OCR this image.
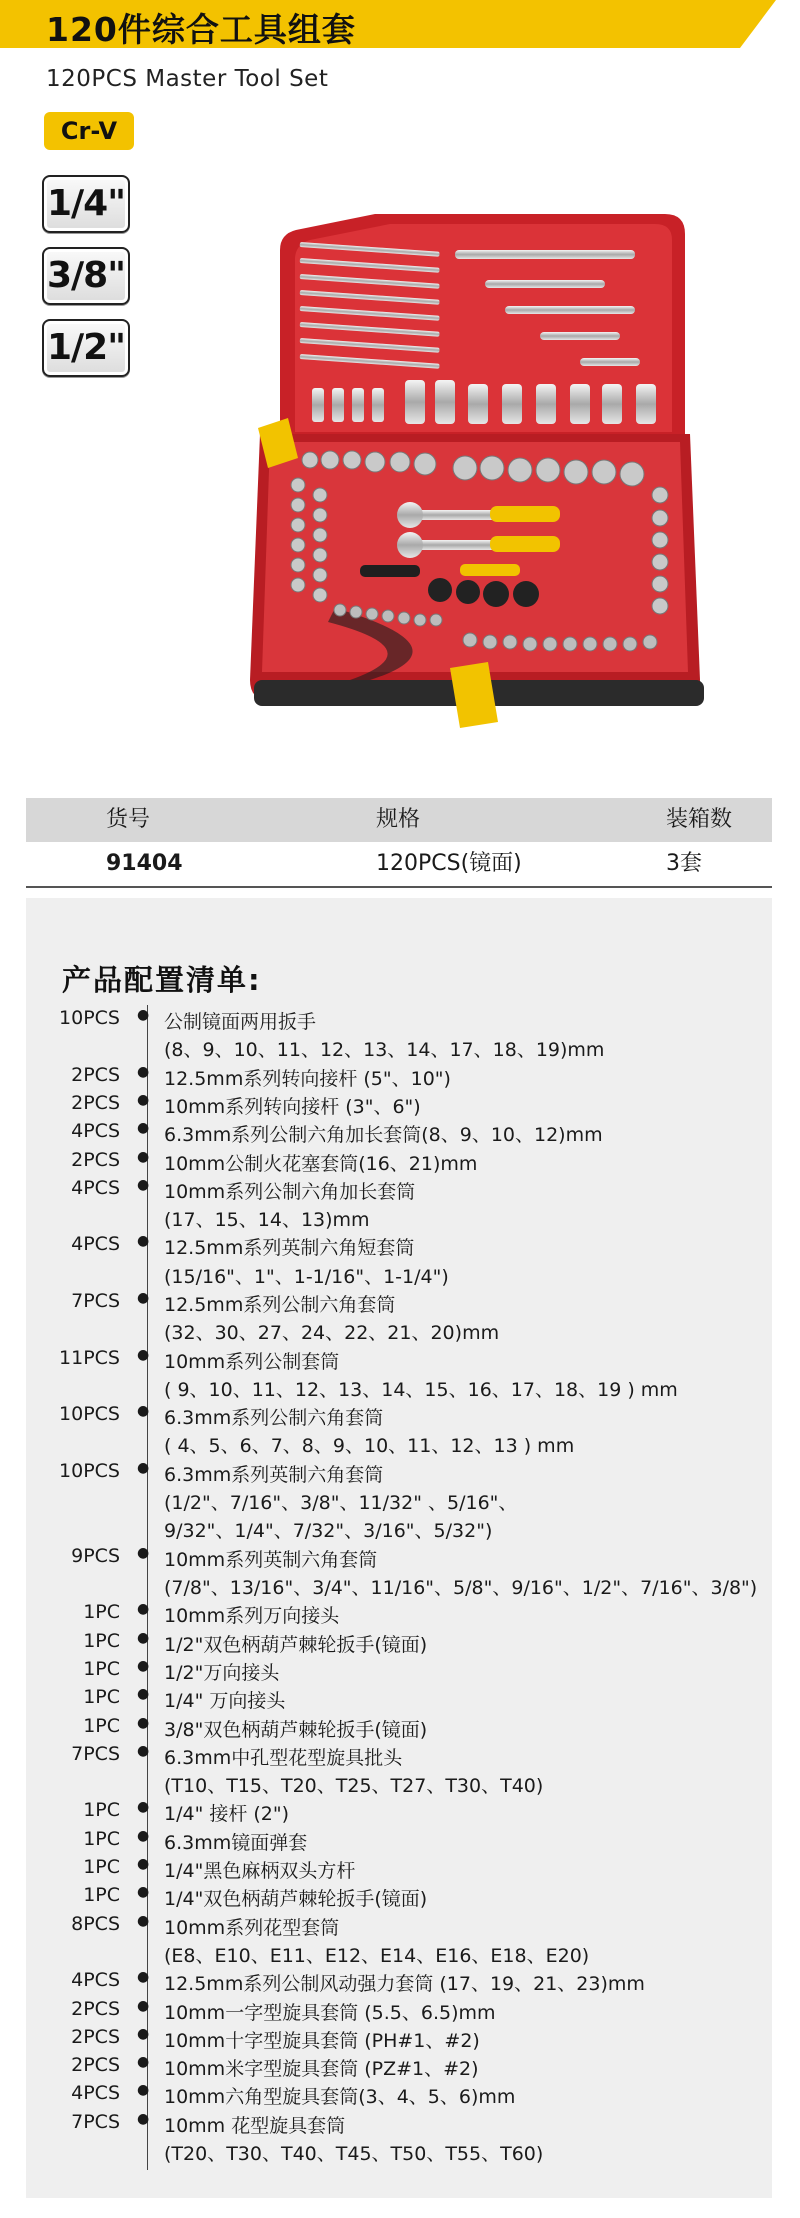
120件综合工具组套
120PCS Master Tool Set
Cr-V
1/4"
3/8"
1/2"
货号	规格	装箱数
91404	120PCS(镜面)	3套
产品配置清单:
10PCS ● 公制镜面两用扳手
(8、9、10、11、12、13、14、17、18、19)mm
2PCS ● 12.5mm系列转向接杆 (5"、10")
2PCS ● 10mm系列转向接杆 (3"、6")
4PCS ● 6.3mm系列公制六角加长套筒(8、9、10、12)mm
2PCS ● 10mm公制火花塞套筒(16、21)mm
4PCS ● 10mm系列公制六角加长套筒
(17、15、14、13)mm
4PCS ● 12.5mm系列英制六角短套筒
(15/16"、1"、1-1/16"、1-1/4")
7PCS ● 12.5mm系列公制六角套筒
(32、30、27、24、22、21、20)mm
11PCS ● 10mm系列公制套筒
( 9、10、11、12、13、14、15、16、17、18、19 ) mm
10PCS ● 6.3mm系列公制六角套筒
( 4、5、6、7、8、9、10、11、12、13 ) mm
10PCS ● 6.3mm系列英制六角套筒
(1/2"、7/16"、3/8"、11/32" 、5/16"、
9/32"、1/4"、7/32"、3/16"、5/32")
9PCS ● 10mm系列英制六角套筒
(7/8"、13/16"、3/4"、11/16"、5/8"、9/16"、1/2"、7/16"、3/8")
1PC ● 10mm系列万向接头
1PC ● 1/2"双色柄葫芦棘轮扳手(镜面)
1PC ● 1/2"万向接头
1PC ● 1/4" 万向接头
1PC ● 3/8"双色柄葫芦棘轮扳手(镜面)
7PCS ● 6.3mm中孔型花型旋具批头
(T10、T15、T20、T25、T27、T30、T40)
1PC ● 1/4" 接杆 (2")
1PC ● 6.3mm镜面弹套
1PC ● 1/4"黑色麻柄双头方杆
1PC ● 1/4"双色柄葫芦棘轮扳手(镜面)
8PCS ● 10mm系列花型套筒
(E8、E10、E11、E12、E14、E16、E18、E20)
4PCS ● 12.5mm系列公制风动强力套筒 (17、19、21、23)mm
2PCS ● 10mm一字型旋具套筒 (5.5、6.5)mm
2PCS ● 10mm十字型旋具套筒 (PH#1、#2)
2PCS ● 10mm米字型旋具套筒 (PZ#1、#2)
4PCS ● 10mm六角型旋具套筒(3、4、5、6)mm
7PCS ● 10mm 花型旋具套筒
(T20、T30、T40、T45、T50、T55、T60)
